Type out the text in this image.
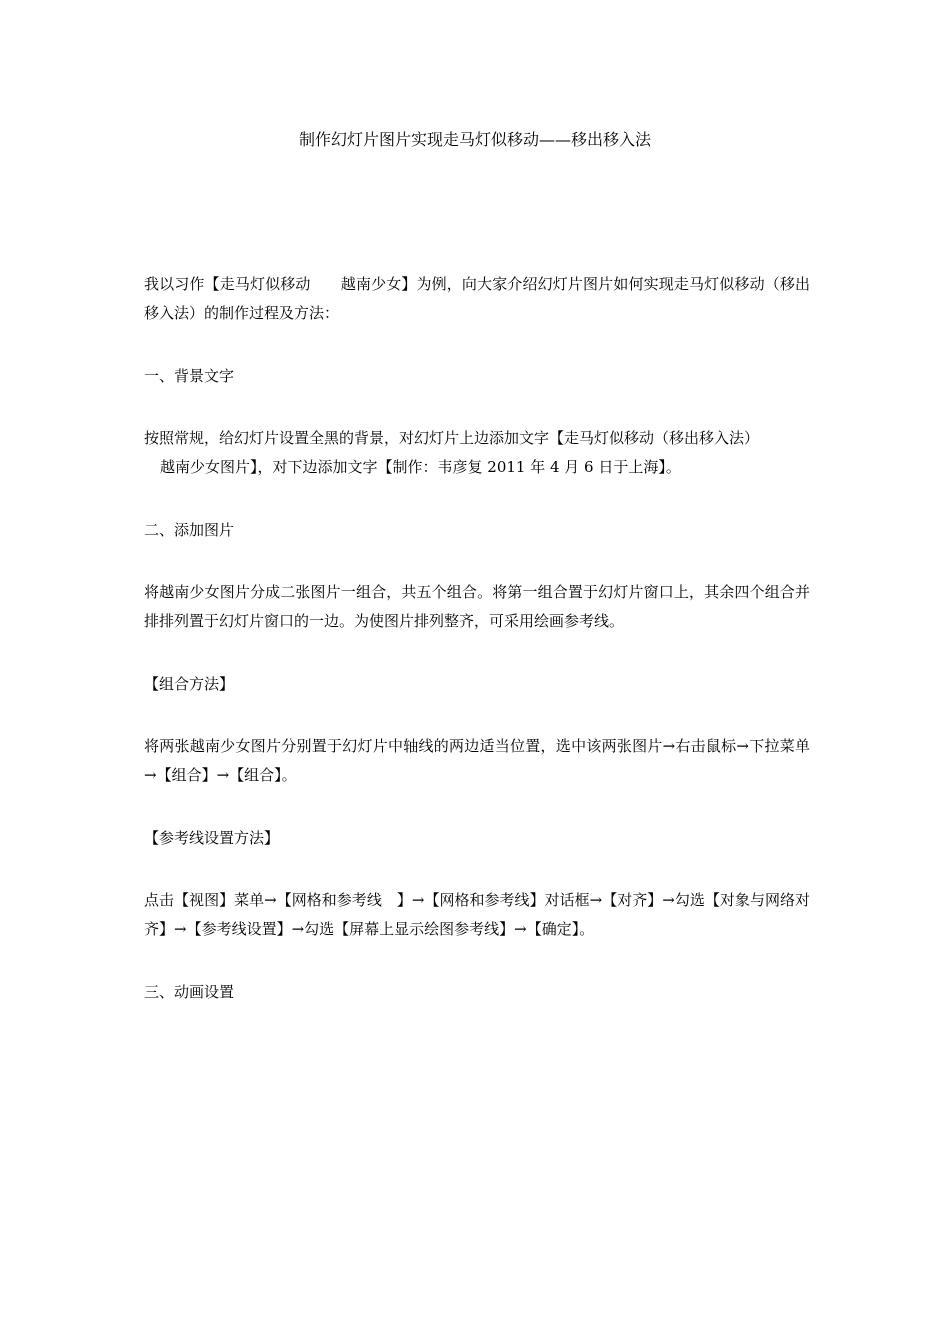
制作幻灯片图片实现走马灯似移动——移出移入法

我以习作【走马灯似移动　　越南少女】为例，向大家介绍幻灯片图片如何实现走马灯似移动（移出移入法）的制作过程及方法：

一、背景文字

按照常规，给幻灯片设置全黑的背景，对幻灯片上边添加文字【走马灯似移动（移出移入法）
越南少女图片】，对下边添加文字【制作：韦彦复 2011 年 4 月 6 日于上海】。

二、添加图片

将越南少女图片分成二张图片一组合，共五个组合。将第一组合置于幻灯片窗口上，其余四个组合并排排列置于幻灯片窗口的一边。为使图片排列整齐，可采用绘画参考线。

【组合方法】

将两张越南少女图片分别置于幻灯片中轴线的两边适当位置，选中该两张图片→右击鼠标→下拉菜单→【组合】→【组合】。

【参考线设置方法】

点击【视图】菜单→【网格和参考线　】→【网格和参考线】对话框→【对齐】→勾选【对象与网络对齐】→【参考线设置】→勾选【屏幕上显示绘图参考线】→【确定】。

三、动画设置
